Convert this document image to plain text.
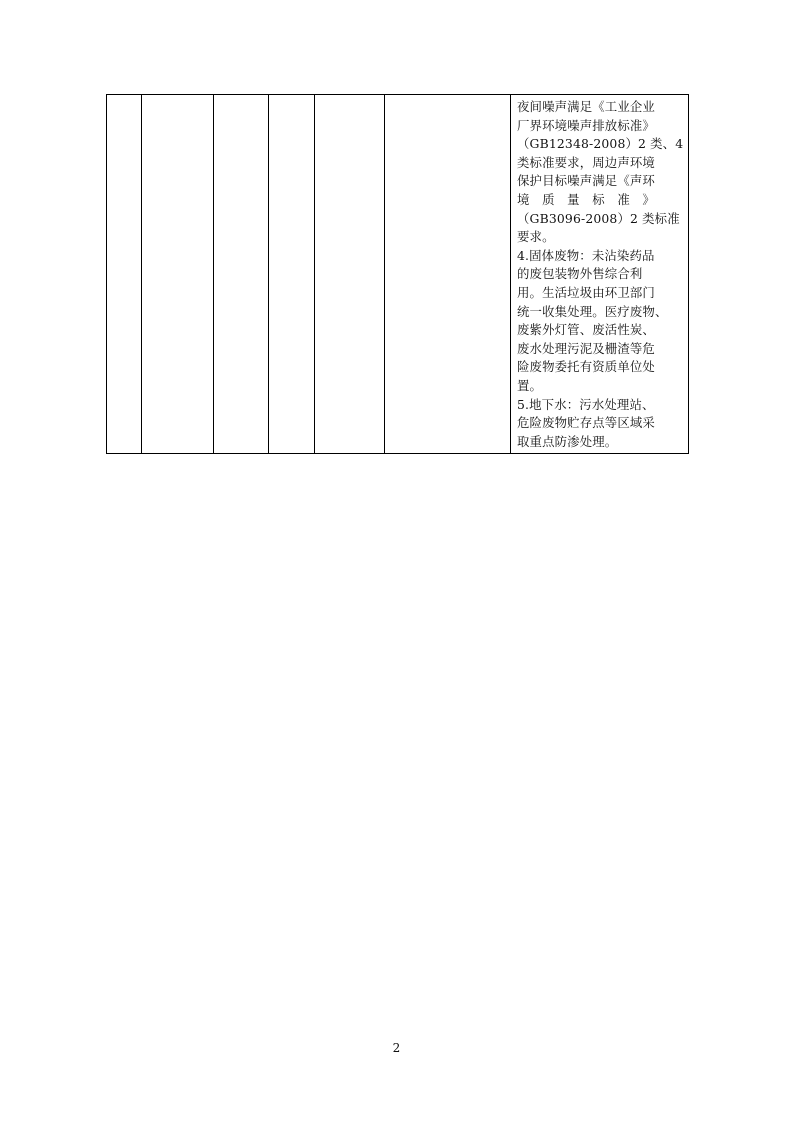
夜间噪声满足《工业企业
厂界环境噪声排放标准》
（GB12348-2008）2 类、4
类标准要求，周边声环境
保护目标噪声满足《声环
境　质　量　标　准　》
（GB3096-2008）2 类标准
要求。
4.固体废物：未沾染药品
的废包装物外售综合利
用。生活垃圾由环卫部门
统一收集处理。医疗废物、
废紫外灯管、废活性炭、
废水处理污泥及栅渣等危
险废物委托有资质单位处
置。
5.地下水：污水处理站、
危险废物贮存点等区域采
取重点防渗处理。
2
